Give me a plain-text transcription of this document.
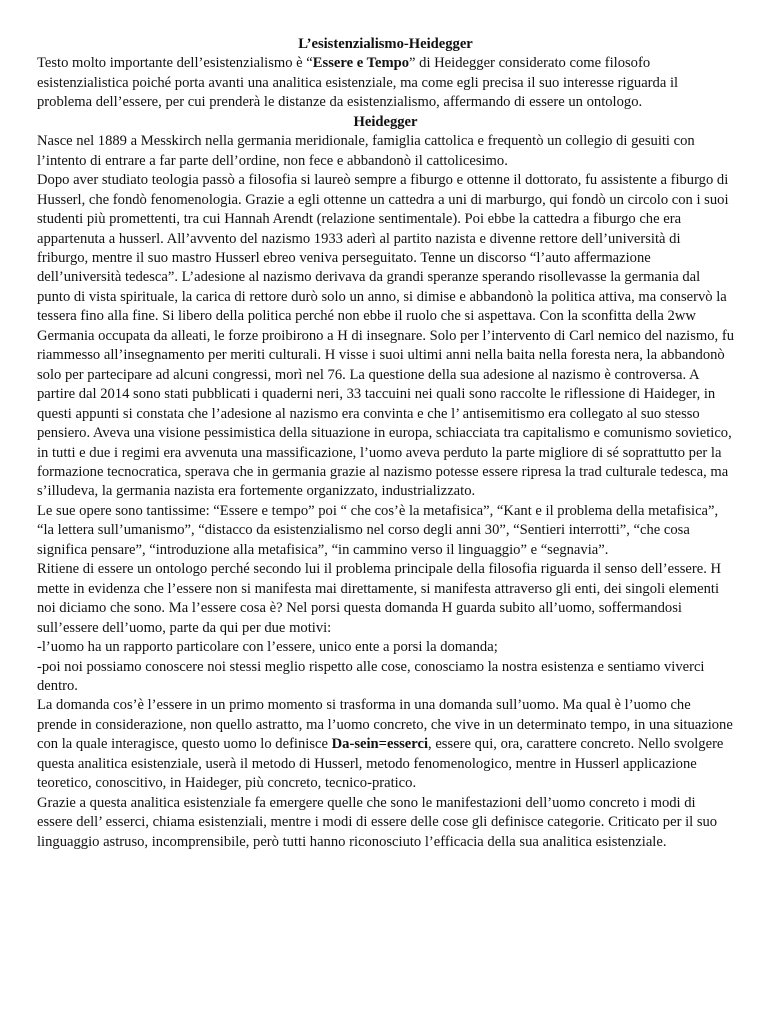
L’esistenzialismo-Heidegger

Testo molto importante dell’esistenzialismo è “Essere e Tempo” di Heidegger considerato come filosofo esistenzialistica poiché porta avanti una analitica esistenziale, ma come egli precisa il suo interesse riguarda il problema dell’essere, per cui prenderà le distanze da esistenzialismo, affermando di essere un ontologo.

Heidegger

Nasce nel 1889 a Messkirch nella germania meridionale, famiglia cattolica e frequentò un collegio di gesuiti con l’intento di entrare a far parte dell’ordine, non fece e abbandonò il cattolicesimo.

Dopo aver studiato teologia passò a filosofia si laureò sempre a fiburgo e ottenne il dottorato, fu assistente a fiburgo di Husserl, che fondò fenomenologia. Grazie a egli ottenne un cattedra a uni di marburgo, qui fondò un circolo con i suoi studenti più promettenti, tra cui Hannah Arendt (relazione sentimentale). Poi ebbe la cattedra a fiburgo che era appartenuta a husserl. All’avvento del nazismo 1933 aderì al partito nazista e divenne rettore dell’università di friburgo, mentre il suo mastro Husserl ebreo veniva perseguitato. Tenne un discorso “l’auto affermazione dell’università tedesca”. L’adesione al nazismo derivava da grandi speranze sperando risollevasse la germania dal punto di vista spirituale, la carica di rettore durò solo un anno, si dimise e abbandonò la politica attiva, ma conservò la tessera fino alla fine. Si libero della politica perché non ebbe il ruolo che si aspettava. Con la sconfitta della 2ww Germania occupata da alleati, le forze proibirono a H di insegnare. Solo per l’intervento di Carl nemico del nazismo, fu riammesso all’insegnamento per meriti culturali. H visse i suoi ultimi anni nella baita nella foresta nera, la abbandonò solo per partecipare ad alcuni congressi, morì nel 76. La questione della sua adesione al nazismo è controversa. A partire dal 2014 sono stati pubblicati i quaderni neri, 33 taccuini nei quali sono raccolte le riflessione di Haideger, in questi appunti si constata che l’adesione al nazismo era convinta e che l’ antisemitismo era collegato al suo stesso pensiero. Aveva una visione pessimistica della situazione in europa, schiacciata tra capitalismo e comunismo sovietico, in tutti e due i regimi era avvenuta una massificazione, l’uomo aveva perduto la parte migliore di sé soprattutto per la formazione tecnocratica, sperava che in germania grazie al nazismo potesse essere ripresa la trad culturale tedesca, ma s’illudeva, la germania nazista era fortemente organizzato, industrializzato.

Le sue opere sono tantissime: “Essere e tempo” poi “ che cos’è la metafisica”, “Kant e il problema della metafisica”, “la lettera sull’umanismo”, “distacco da esistenzialismo nel corso degli anni 30”, “Sentieri interrotti”, “che cosa significa pensare”, “introduzione alla metafisica”, “in cammino verso il linguaggio” e “segnavia”.

Ritiene di essere un ontologo perché secondo lui il problema principale della filosofia riguarda il senso dell’essere. H mette in evidenza che l’essere non si manifesta mai direttamente, si manifesta attraverso gli enti, dei singoli elementi noi diciamo che sono. Ma l’essere cosa è? Nel porsi questa domanda H guarda subito all’uomo, soffermandosi sull’essere dell’uomo, parte da qui per due motivi:

-l’uomo ha un rapporto particolare con l’essere, unico ente a porsi la domanda;

-poi noi possiamo conoscere noi stessi meglio rispetto alle cose, conosciamo la nostra esistenza e sentiamo viverci dentro.

La domanda cos’è l’essere in un primo momento si trasforma in una domanda sull’uomo. Ma qual è l’uomo che prende in considerazione, non quello astratto, ma l’uomo concreto, che vive in un determinato tempo, in una situazione con la quale interagisce, questo uomo lo definisce Da-sein=esserci, essere qui, ora, carattere concreto. Nello svolgere questa analitica esistenziale, userà il metodo di Husserl, metodo fenomenologico, mentre in Husserl applicazione teoretico, conoscitivo, in Haideger, più concreto, tecnico-pratico.

Grazie a questa analitica esistenziale fa emergere quelle che sono le manifestazioni dell’uomo concreto i modi di essere dell’ esserci, chiama esistenziali, mentre i modi di essere delle cose gli definisce categorie. Criticato per il suo linguaggio astruso, incomprensibile, però tutti hanno riconosciuto l’efficacia della sua analitica esistenziale.
